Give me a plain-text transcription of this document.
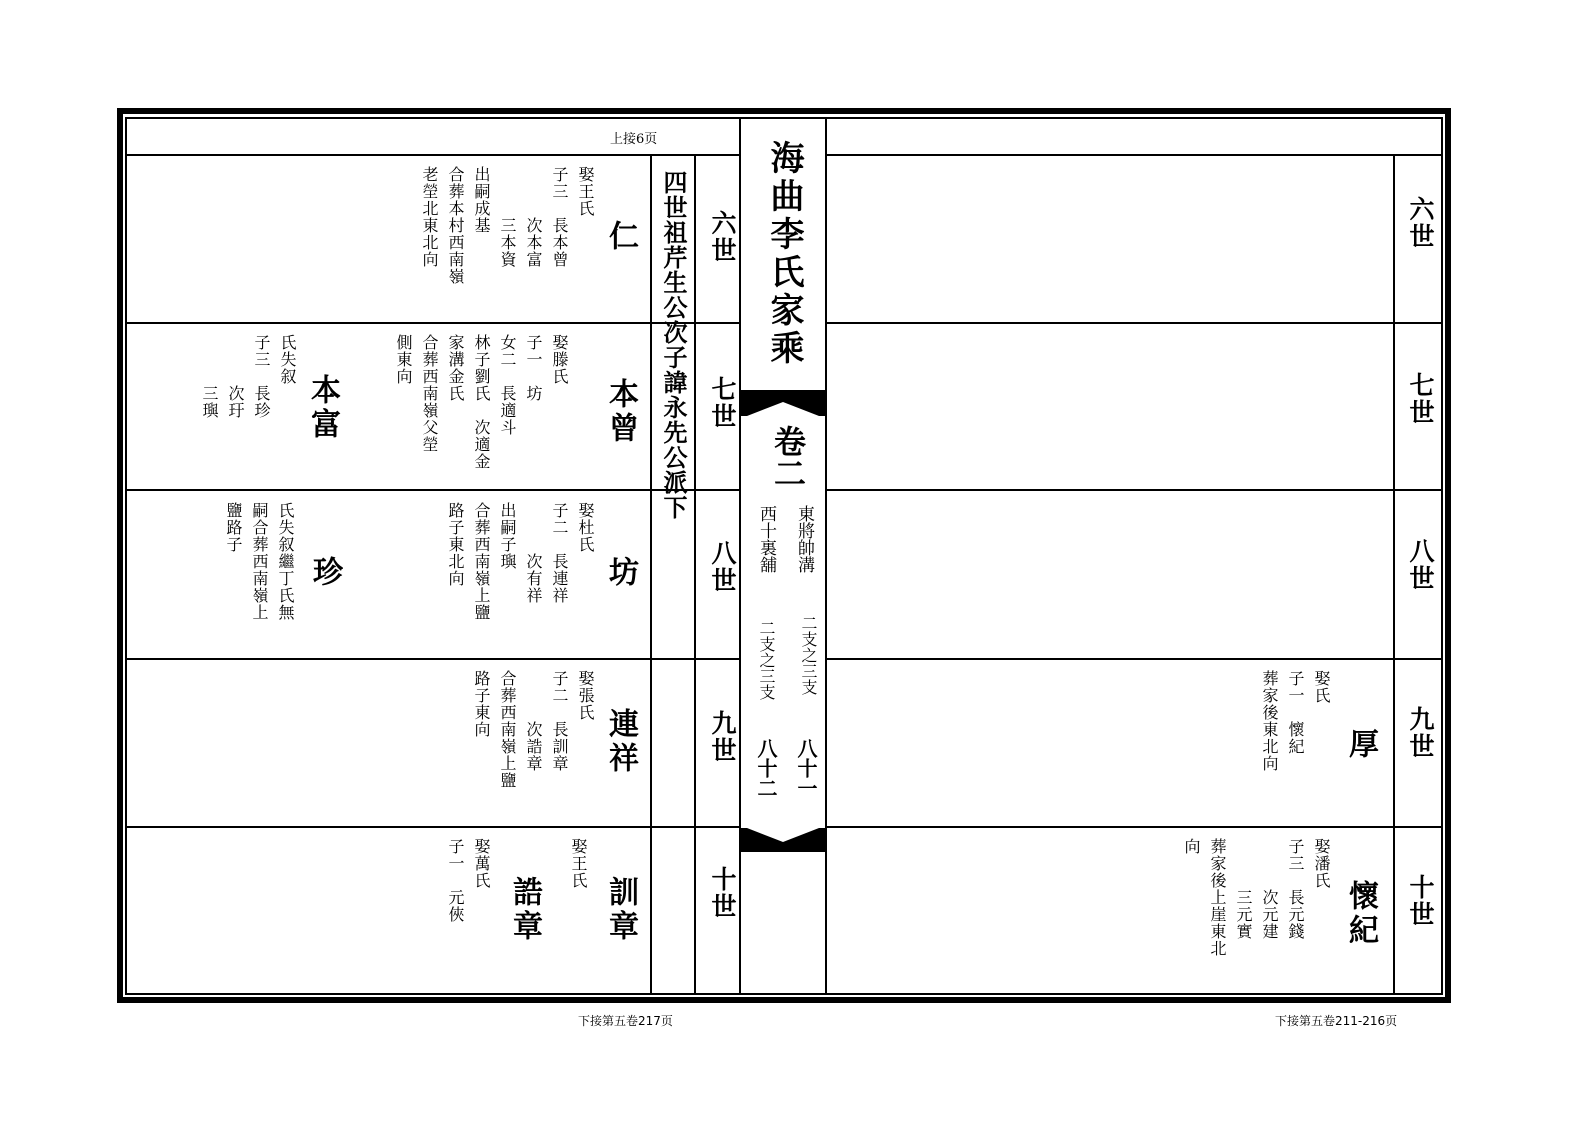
上接6页
下接第五卷217页	下接第五卷211-216页
海曲李氏家乘
卷二
東將帥溝
西十裏舖
二支之三支
二支之三支
八十一
八十二
四世祖芹生公次子諱永先公派下 六世
七世
八世
九世
十世
仁
娶王氏
子三　長本曾
　　　次本富
　　　三本資
出嗣成基
合葬本村西南嶺
老塋北東北向
本曾
娶滕氏
子一　坊
女二　長適斗
林子劉氏　次適金
家溝金氏
合葬西南嶺父塋
側東向
本富
氏失叙
子三　長珍
　　　次玗
　　　三璵
坊
娶杜氏
子二　長連祥
　　　次有祥
出嗣子璵
合葬西南嶺上鹽
路子東北向
珍
氏失叙繼丁氏無
嗣合葬西南嶺上
鹽路子
連祥
娶張氏
子二　長訓章
　　　次誥章
合葬西南嶺上鹽
路子東向
訓章
娶王氏
誥章
娶萬氏
子一　元俠
六世
七世
八世
九世
十世
厚
娶氏
子一　懷紀
葬家後東北向
懷紀
娶潘氏
子三　長元錢
　　　次元建
　　　三元實
葬家後上崖東北
向
